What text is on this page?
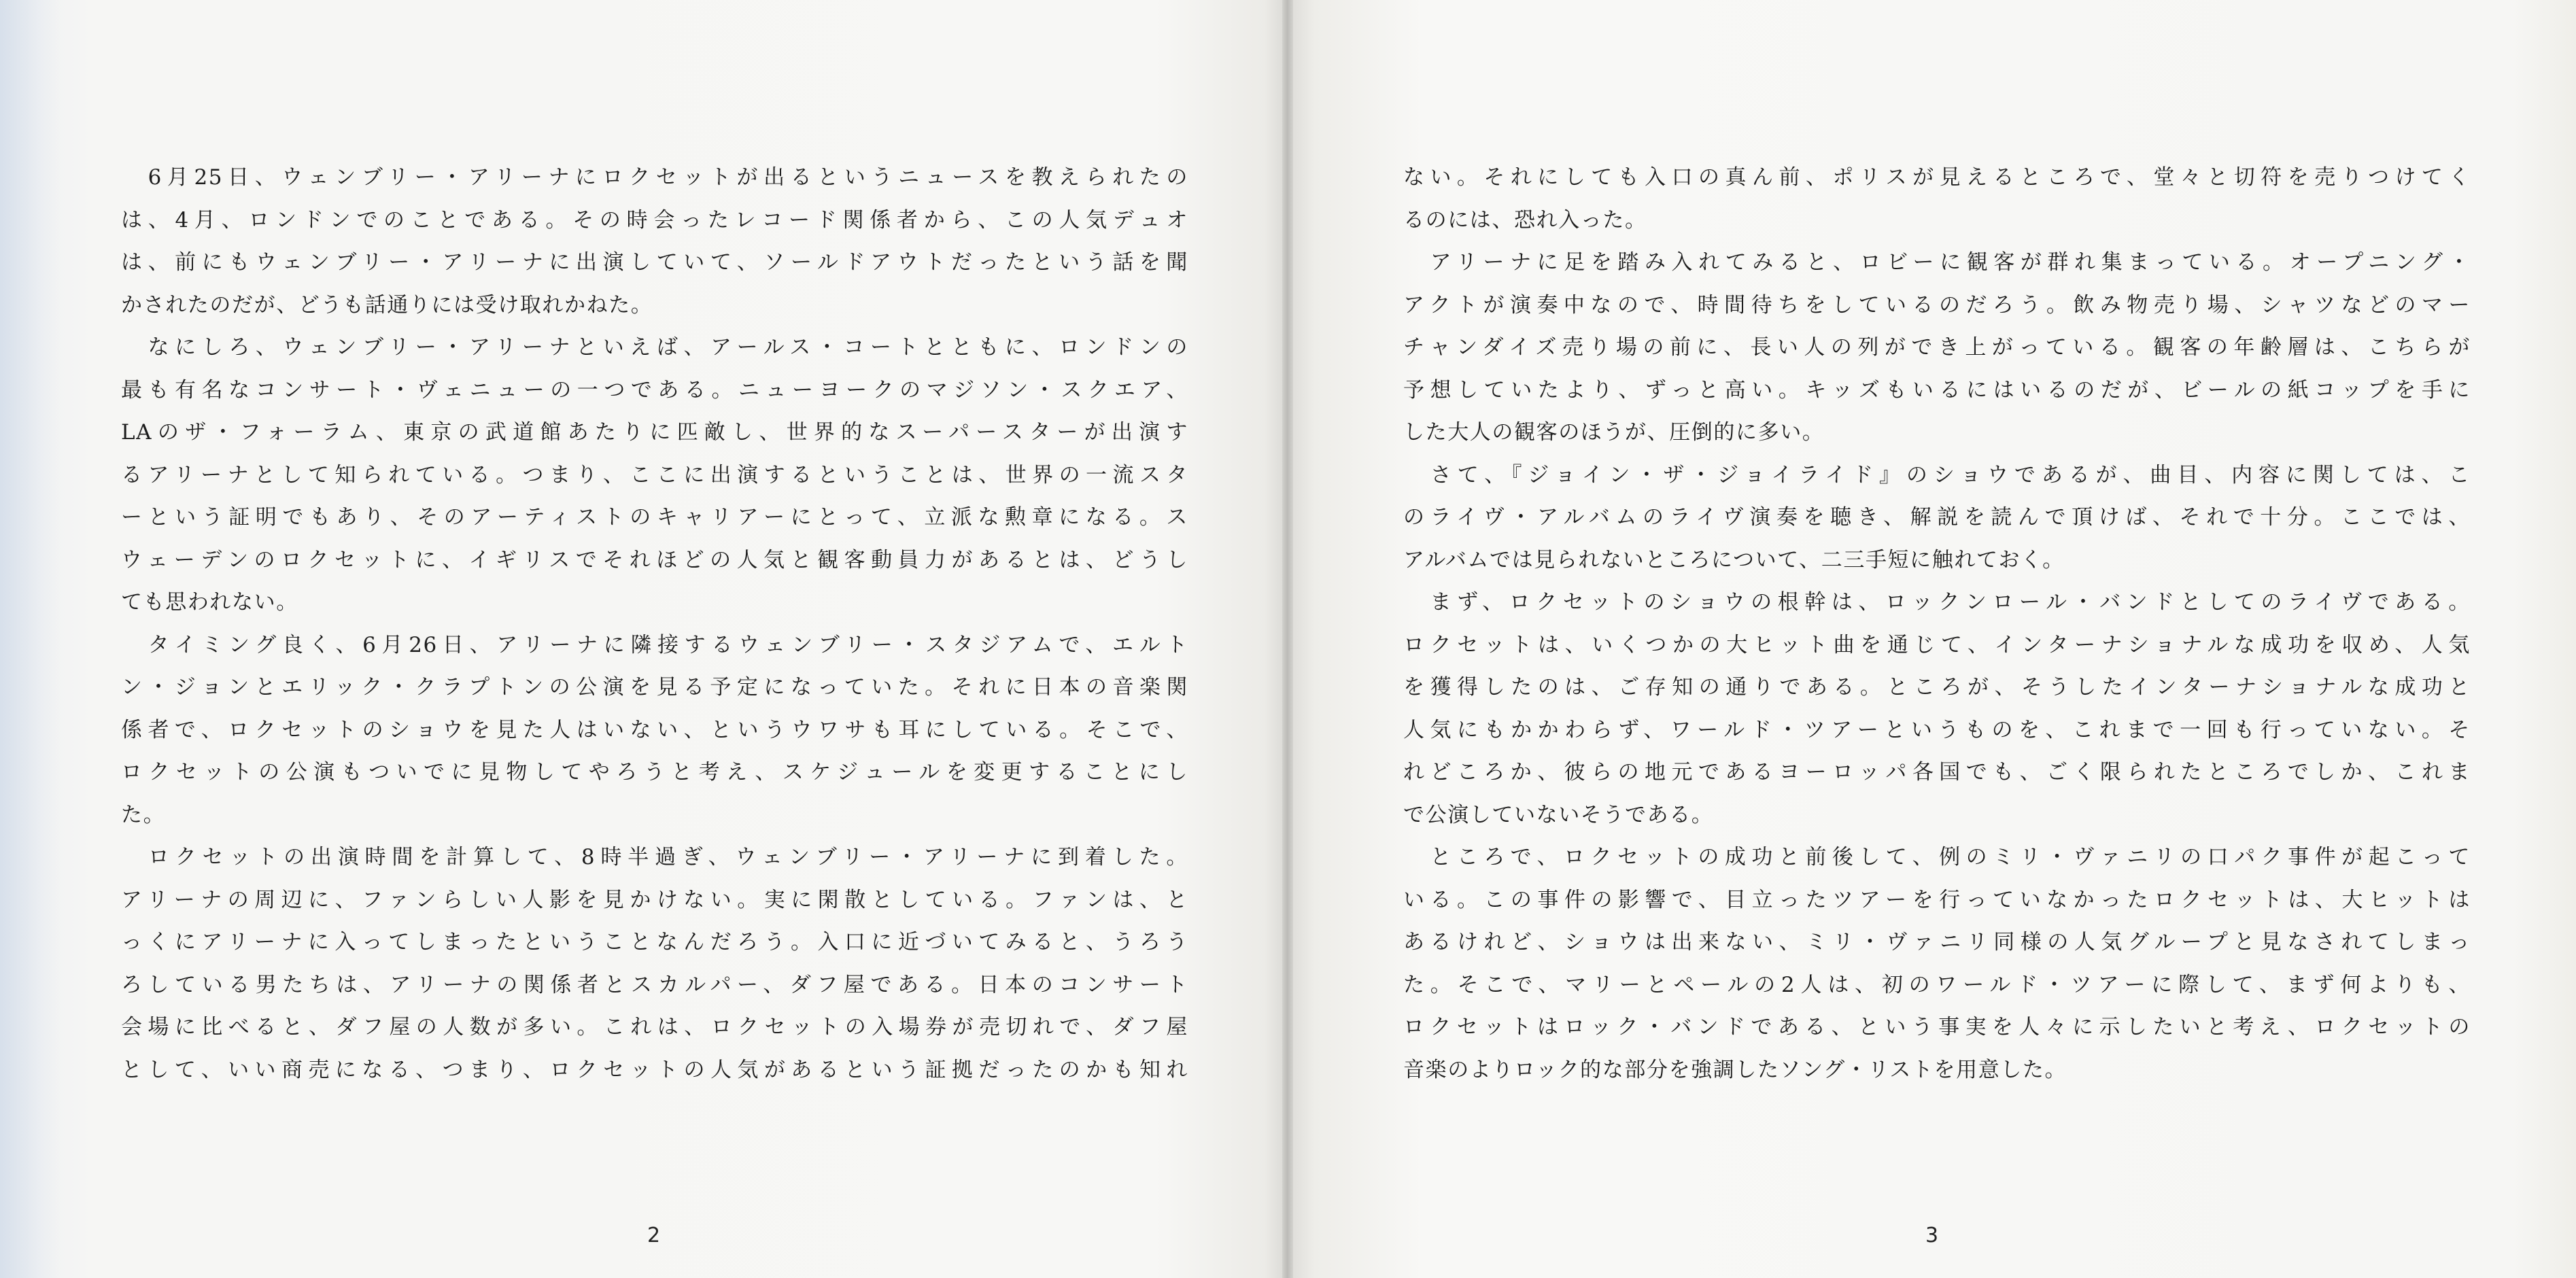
　6月25日、ウェンブリー・アリーナにロクセットが出るというニュースを教えられたの
は、4月、ロンドンでのことである。その時会ったレコード関係者から、この人気デュオ
は、前にもウェンブリー・アリーナに出演していて、ソールドアウトだったという話を聞
かされたのだが、どうも話通りには受け取れかねた。
　なにしろ、ウェンブリー・アリーナといえば、アールス・コートとともに、ロンドンの
最も有名なコンサート・ヴェニューの一つである。ニューヨークのマジソン・スクエア、
LAのザ・フォーラム、東京の武道館あたりに匹敵し、世界的なスーパースターが出演す
るアリーナとして知られている。つまり、ここに出演するということは、世界の一流スタ
ーという証明でもあり、そのアーティストのキャリアーにとって、立派な勲章になる。ス
ウェーデンのロクセットに、イギリスでそれほどの人気と観客動員力があるとは、どうし
ても思われない。
　タイミング良く、6月26日、アリーナに隣接するウェンブリー・スタジアムで、エルト
ン・ジョンとエリック・クラプトンの公演を見る予定になっていた。それに日本の音楽関
係者で、ロクセットのショウを見た人はいない、というウワサも耳にしている。そこで、
ロクセットの公演もついでに見物してやろうと考え、スケジュールを変更することにし
た。
　ロクセットの出演時間を計算して、8時半過ぎ、ウェンブリー・アリーナに到着した。
アリーナの周辺に、ファンらしい人影を見かけない。実に閑散としている。ファンは、と
っくにアリーナに入ってしまったということなんだろう。入口に近づいてみると、うろう
ろしている男たちは、アリーナの関係者とスカルパー、ダフ屋である。日本のコンサート
会場に比べると、ダフ屋の人数が多い。これは、ロクセットの入場券が売切れで、ダフ屋
として、いい商売になる、つまり、ロクセットの人気があるという証拠だったのかも知れ
2
ない。それにしても入口の真ん前、ポリスが見えるところで、堂々と切符を売りつけてく
るのには、恐れ入った。
　アリーナに足を踏み入れてみると、ロビーに観客が群れ集まっている。オープニング・
アクトが演奏中なので、時間待ちをしているのだろう。飲み物売り場、シャツなどのマー
チャンダイズ売り場の前に、長い人の列ができ上がっている。観客の年齢層は、こちらが
予想していたより、ずっと高い。キッズもいるにはいるのだが、ビールの紙コップを手に
した大人の観客のほうが、圧倒的に多い。
　さて、『ジョイン・ザ・ジョイライド』のショウであるが、曲目、内容に関しては、こ
のライヴ・アルバムのライヴ演奏を聴き、解説を読んで頂けば、それで十分。ここでは、
アルバムでは見られないところについて、二三手短に触れておく。
　まず、ロクセットのショウの根幹は、ロックンロール・バンドとしてのライヴである。
ロクセットは、いくつかの大ヒット曲を通じて、インターナショナルな成功を収め、人気
を獲得したのは、ご存知の通りである。ところが、そうしたインターナショナルな成功と
人気にもかかわらず、ワールド・ツアーというものを、これまで一回も行っていない。そ
れどころか、彼らの地元であるヨーロッパ各国でも、ごく限られたところでしか、これま
で公演していないそうである。
　ところで、ロクセットの成功と前後して、例のミリ・ヴァニリの口パク事件が起こって
いる。この事件の影響で、目立ったツアーを行っていなかったロクセットは、大ヒットは
あるけれど、ショウは出来ない、ミリ・ヴァニリ同様の人気グループと見なされてしまっ
た。そこで、マリーとペールの2人は、初のワールド・ツアーに際して、まず何よりも、
ロクセットはロック・バンドである、という事実を人々に示したいと考え、ロクセットの
音楽のよりロック的な部分を強調したソング・リストを用意した。
3
